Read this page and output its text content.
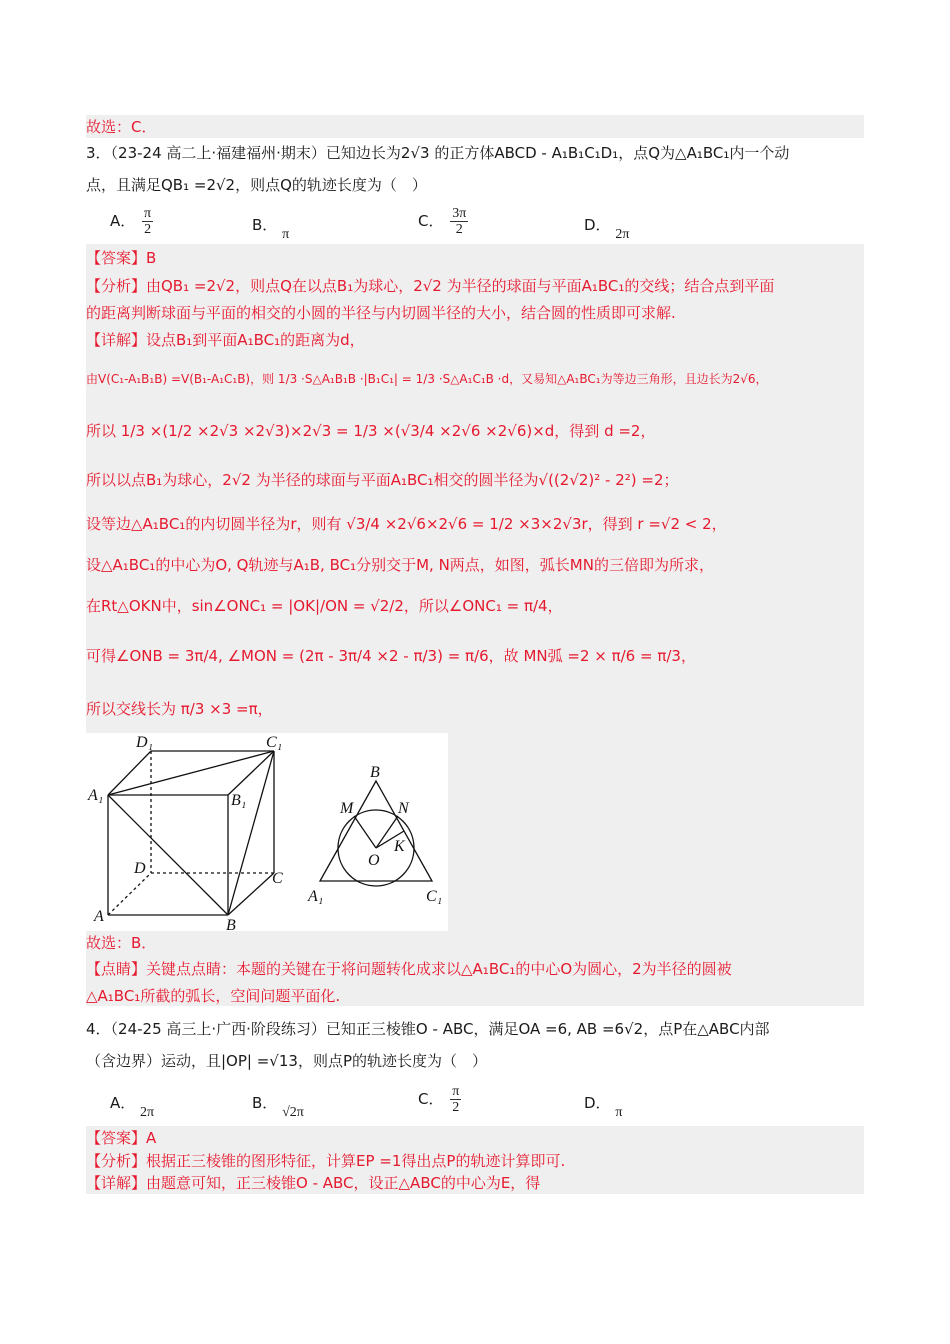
故选：C．
3．（23-24 高二上·福建福州·期末）已知边长为2√3 的正方体ABCD - A₁B₁C₁D₁，点Q为△A₁BC₁内一个动
点，且满足QB₁ =2√2，则点Q的轨迹长度为（　）
A． $\frac{\pi}{2}$	B． π
C． $\frac{3\pi}{2}$	D． 2π
【答案】B
【分析】由QB₁ =2√2，则点Q在以点B₁为球心，2√2 为半径的球面与平面A₁BC₁的交线；结合点到平面
的距离判断球面与平面的相交的小圆的半径与内切圆半径的大小，结合圆的性质即可求解.
【详解】设点B₁到平面A₁BC₁的距离为d，
由V(C₁-A₁B₁B) =V(B₁-A₁C₁B)，则 1/3 ·S△A₁B₁B ·|B₁C₁| = 1/3 ·S△A₁C₁B ·d，又易知△A₁BC₁为等边三角形，且边长为2√6，
所以 1/3 ×(1/2 ×2√3 ×2√3)×2√3 = 1/3 ×(√3/4 ×2√6 ×2√6)×d，得到 d =2，
所以以点B₁为球心，2√2 为半径的球面与平面A₁BC₁相交的圆半径为√((2√2)² - 2²) =2；
设等边△A₁BC₁的内切圆半径为r，则有 √3/4 ×2√6×2√6 = 1/2 ×3×2√3r，得到 r =√2 < 2，
设△A₁BC₁的中心为O, Q轨迹与A₁B, BC₁分别交于M, N两点，如图，弧长MN的三倍即为所求，
在Rt△OKN中，sin∠ONC₁ = |OK|/ON = √2/2，所以∠ONC₁ = π/4，
可得∠ONB = 3π/4, ∠MON = (2π - 3π/4 ×2 - π/3) = π/6，故 MN弧 =2 × π/6 = π/3，
所以交线长为 π/3 ×3 =π，
D₁	C₁
A₁	B₁
D
C
A
B
B
M	N
O
K
A₁	C₁
故选：B．
【点睛】关键点点睛：本题的关键在于将问题转化成求以△A₁BC₁的中心O为圆心，2为半径的圆被
△A₁BC₁所截的弧长，空间问题平面化.
4．（24-25 高三上·广西·阶段练习）已知正三棱锥O - ABC，满足OA =6, AB =6√2，点P在△ABC内部
（含边界）运动，且|OP| =√13，则点P的轨迹长度为（　）
A． 2π
B． √2π
C． $\frac{\pi}{2}$	D． π
【答案】A
【分析】根据正三棱锥的图形特征，计算EP =1得出点P的轨迹计算即可.
【详解】由题意可知，正三棱锥O - ABC，设正△ABC的中心为E，得
